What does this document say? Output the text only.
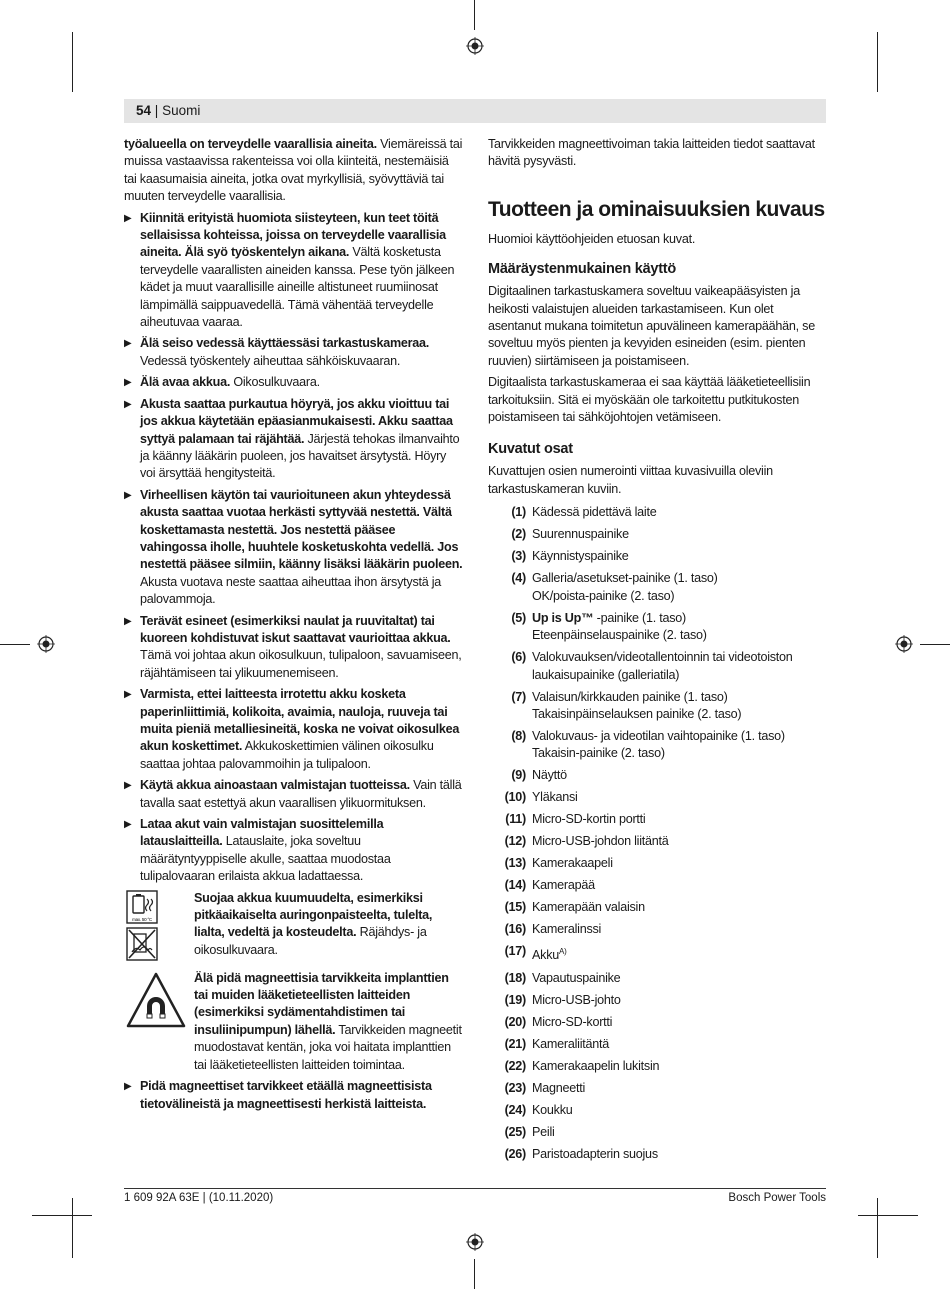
54 | Suomi

työalueella on terveydelle vaarallisia aineita. Viemäreissä tai muissa vastaavissa rakenteissa voi olla kiinteitä, nestemäisiä tai kaasumaisia aineita, jotka ovat myrkyllisiä, syövyttäviä tai muuten terveydelle vaarallisia.

▶ Kiinnitä erityistä huomiota siisteyteen, kun teet töitä sellaisissa kohteissa, joissa on terveydelle vaarallisia aineita. Älä syö työskentelyn aikana. Vältä kosketusta terveydelle vaarallisten aineiden kanssa. Pese työn jälkeen kädet ja muut vaarallisille aineille altistuneet ruumiinosat lämpimällä saippuavedellä. Tämä vähentää terveydelle aiheutuvaa vaaraa.
▶ Älä seiso vedessä käyttäessäsi tarkastuskameraa. Vedessä työskentely aiheuttaa sähköiskuvaaran.
▶ Älä avaa akkua. Oikosulkuvaara.
▶ Akusta saattaa purkautua höyryä, jos akku vioittuu tai jos akkua käytetään epäasianmukaisesti. Akku saattaa syttyä palamaan tai räjähtää. Järjestä tehokas ilmanvaihto ja käänny lääkärin puoleen, jos havaitset ärsytystä. Höyry voi ärsyttää hengitysteitä.
▶ Virheellisen käytön tai vaurioituneen akun yhteydessä akusta saattaa vuotaa herkästi syttyvää nestettä. Vältä koskettamasta nestettä. Jos nestettä pääsee vahingossa iholle, huuhtele kosketuskohta vedellä. Jos nestettä pääsee silmiin, käänny lisäksi lääkärin puoleen. Akusta vuotava neste saattaa aiheuttaa ihon ärsytystä ja palovammoja.
▶ Terävät esineet (esimerkiksi naulat ja ruuvitaltat) tai kuoreen kohdistuvat iskut saattavat vaurioittaa akkua. Tämä voi johtaa akun oikosulkuun, tulipaloon, savuamiseen, räjähtämiseen tai ylikuumenemiseen.
▶ Varmista, ettei laitteesta irrotettu akku kosketa paperinliittimiä, kolikoita, avaimia, nauloja, ruuveja tai muita pieniä metalliesineitä, koska ne voivat oikosulkea akun koskettimet. Akkukoskettimien välinen oikosulku saattaa johtaa palovammoihin ja tulipaloon.
▶ Käytä akkua ainoastaan valmistajan tuotteissa. Vain tällä tavalla saat estettyä akun vaarallisen ylikuormituksen.
▶ Lataa akut vain valmistajan suosittelemilla latauslaitteilla. Latauslaite, joka soveltuu määrätyntyyppiselle akulle, saattaa muodostaa tulipalovaaran erilaista akkua ladattaessa.
max. 50 °C
Suojaa akkua kuumuudelta, esimerkiksi pitkäaikaiselta auringonpaisteelta, tulelta, lialta, vedeltä ja kosteudelta. Räjähdys- ja oikosulkuvaara.
Älä pidä magneettisia tarvikkeita implanttien tai muiden lääketieteellisten laitteiden (esimerkiksi sydämentahdistimen tai insuliinipumpun) lähellä. Tarvikkeiden magneetit muodostavat kentän, joka voi haitata implanttien tai lääketieteellisten laitteiden toimintaa.
▶ Pidä magneettiset tarvikkeet etäällä magneettisista tietovälineistä ja magneettisesti herkistä laitteista.

Tarvikkeiden magneettivoiman takia laitteiden tiedot saattavat hävitä pysyvästi.

Tuotteen ja ominaisuuksien kuvaus

Huomioi käyttöohjeiden etuosan kuvat.

Määräystenmukainen käyttö

Digitaalinen tarkastuskamera soveltuu vaikeapääsyisten ja heikosti valaistujen alueiden tarkastamiseen. Kun olet asentanut mukana toimitetun apuvälineen kamerapäähän, se soveltuu myös pienten ja kevyiden esineiden (esim. pienten ruuvien) siirtämiseen ja poistamiseen.

Digitaalista tarkastuskameraa ei saa käyttää lääketieteellisiin tarkoituksiin. Sitä ei myöskään ole tarkoitettu putkitukosten poistamiseen tai sähköjohtojen vetämiseen.

Kuvatut osat

Kuvattujen osien numerointi viittaa kuvasivuilla oleviin tarkastuskameran kuviin.

(1) Kädessä pidettävä laite
(2) Suurennuspainike
(3) Käynnistyspainike
(4) Galleria/asetukset-painike (1. taso)
OK/poista-painike (2. taso)
(5) Up is Up™ -painike (1. taso)
Eteenpäinselauspainike (2. taso)
(6) Valokuvauksen/videotallentoinnin tai videotoiston laukaisupainike (galleriatila)
(7) Valaisun/kirkkauden painike (1. taso)
Takaisinpäinselauksen painike (2. taso)
(8) Valokuvaus- ja videotilan vaihtopainike (1. taso)
Takaisin-painike (2. taso)
(9) Näyttö
(10) Yläkansi
(11) Micro-SD-kortin portti
(12) Micro-USB-johdon liitäntä
(13) Kamerakaapeli
(14) Kamerapää
(15) Kamerapään valaisin
(16) Kameralinssi
(17) Akku$^{A)}$
(18) Vapautuspainike
(19) Micro-USB-johto
(20) Micro-SD-kortti
(21) Kameraliitäntä
(22) Kamerakaapelin lukitsin
(23) Magneetti
(24) Koukku
(25) Peili
(26) Paristoadapterin suojus
1 609 92A 63E | (10.11.2020)	Bosch Power Tools
